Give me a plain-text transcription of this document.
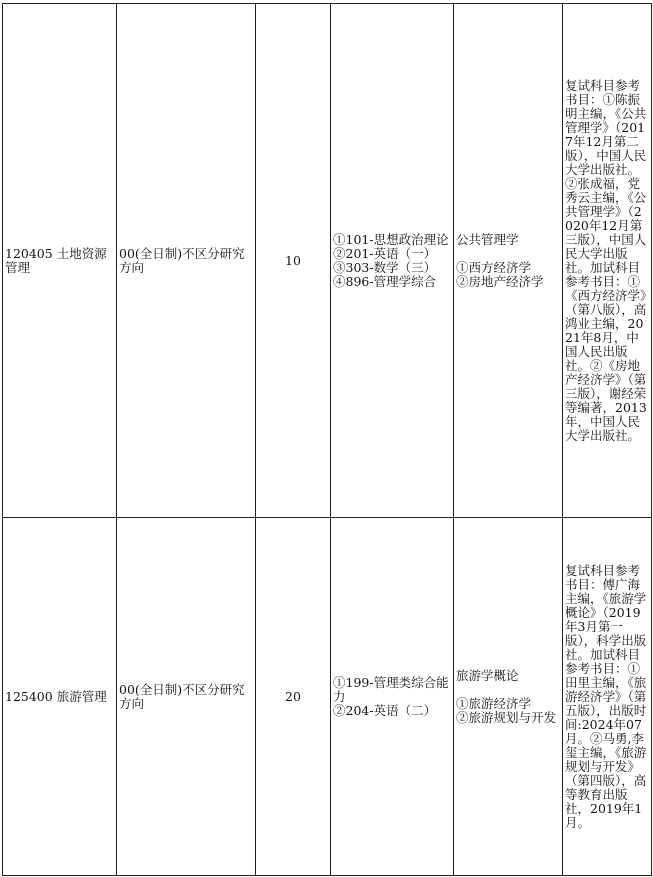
120405 土地资源管理	00(全日制)不区分研究方向	10	①101-思想政治理论
②201-英语（一）
③303-数学（三）
④896-管理学综合	公共管理学
①西方经济学
②房地产经济学	复试科目参考书目：①陈振明主编，《公共管理学》（2017年12月第二版），中国人民大学出版社。②张成福，党秀云主编，《公共管理学》（2020年12月第三版），中国人民大学出版社。加试科目参考书目：①《西方经济学》（第八版），高鸿业主编，2021年8月，中国人民出版社。②《房地产经济学》（第三版），谢经荣等编著，2013年，中国人民大学出版社。
125400 旅游管理	00(全日制)不区分研究方向	20	①199-管理类综合能力
②204-英语（二）	旅游学概论
①旅游经济学
②旅游规划与开发	复试科目参考书目：傅广海主编，《旅游学概论》（2019年3月第一版），科学出版社。加试科目参考书目：①田里主编，《旅游经济学》（第五版），出版时间:2024年07月。②马勇,李玺主编，《旅游规划与开发》（第四版），高等教育出版社，2019年1月。
